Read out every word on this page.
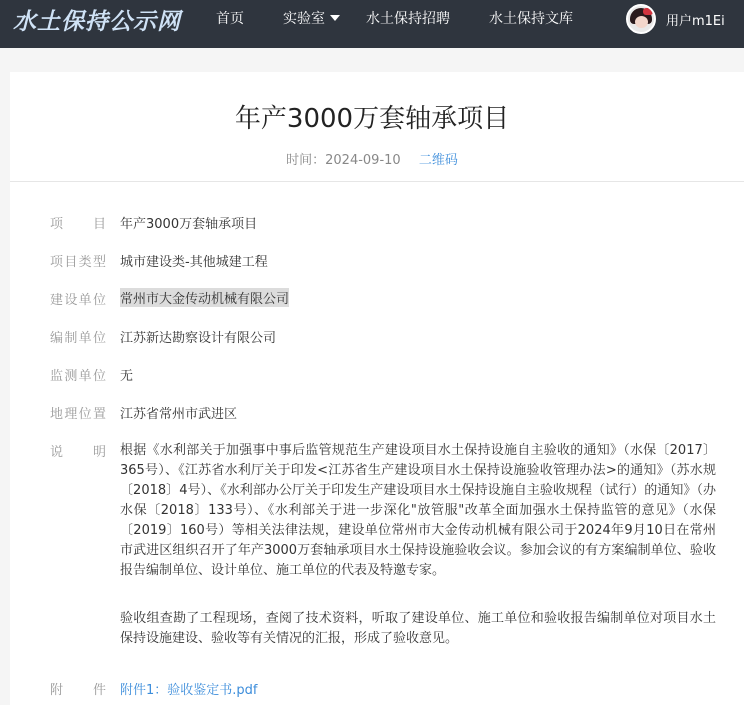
水土保持公示网	首页	实验室	水土保持招聘	水土保持文库	用户m1Ei
年产3000万套轴承项目
时间：2024-09-10 二维码
项目 年产3000万套轴承项目
项目类型 城市建设类-其他城建工程
建设单位 常州市大金传动机械有限公司
编制单位 江苏新达勘察设计有限公司
监测单位 无
地理位置 江苏省常州市武进区
说明 根据《水利部关于加强事中事后监管规范生产建设项目水土保持设施自主验收的通知》（水保〔2017〕365号）、《江苏省水利厅关于印发<江苏省生产建设项目水土保持设施验收管理办法>的通知》（苏水规〔2018〕4号）、《水利部办公厅关于印发生产建设项目水土保持设施自主验收规程（试行）的通知》（办水保〔2018〕133号）、《水利部关于进一步深化"放管服"改革全面加强水土保持监管的意见》（水保〔2019〕160号）等相关法律法规，建设单位常州市大金传动机械有限公司于2024年9月10日在常州市武进区组织召开了年产3000万套轴承项目水土保持设施验收会议。参加会议的有方案编制单位、验收报告编制单位、设计单位、施工单位的代表及特邀专家。
验收组查勘了工程现场，查阅了技术资料，听取了建设单位、施工单位和验收报告编制单位对项目水土保持设施建设、验收等有关情况的汇报，形成了验收意见。
附件 附件1：验收鉴定书.pdf
